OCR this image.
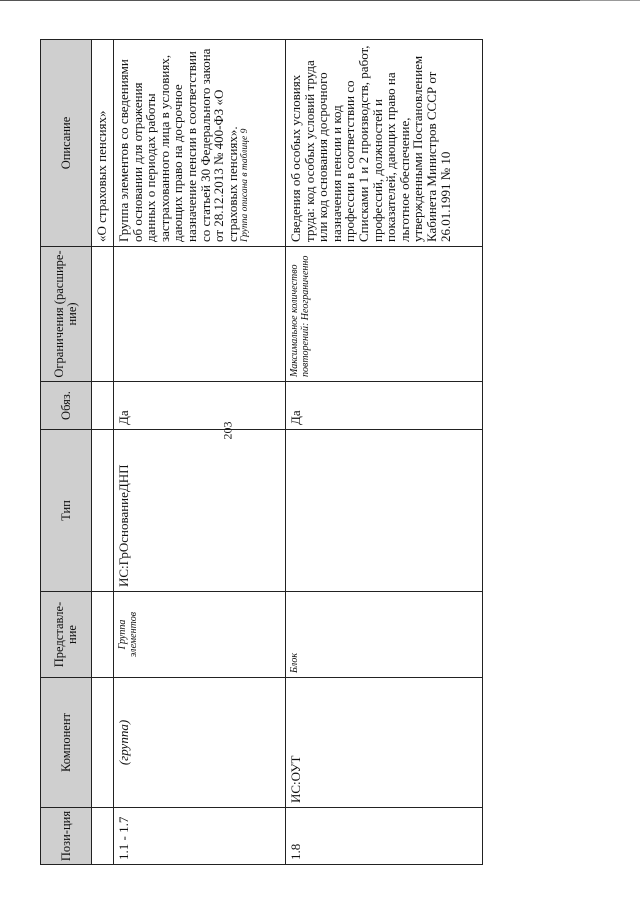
203
Пози-ция	Компонент	Представле-ние	Тип	Обяз.	Ограничения (расшире-ние)	Описание
						«О страховых пенсиях»
1.1 - 1.7	(группа)	Группа элементов	ИС:ГрОснованиеДНП	Да		Группа элементов со сведениями об основании для отражения данных о периодах работы застрахованного лица в условиях, дающих право на досрочное назначение пенсии в соответствии со статьей 30 Федерального закона от 28.12.2013 № 400-ФЗ «О страховых пенсиях». Группа описана в таблице 9

1.8	ИС:ОУТ	Блок		Да	Максимальное количество повторений: Неограниченно	Сведения об особых условиях труда: код особых условий труда или код основания досрочного назначения пенсии и код профессии в соответствии со Списками 1 и 2 производств, работ, профессий, должностей и показателей, дающих право на льготное обеспечение, утвержденными Постановлением Кабинета Министров СССР от 26.01.1991 № 10
